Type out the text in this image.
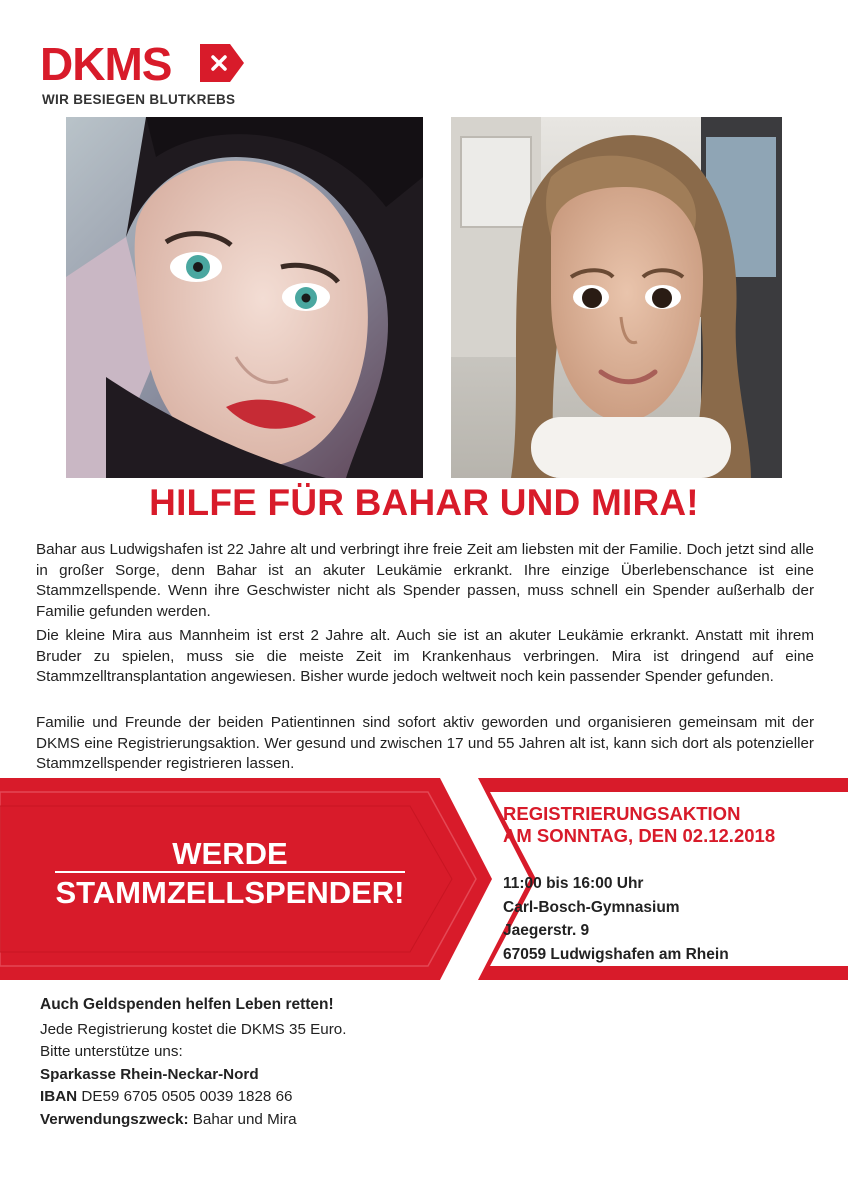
DKMS
WIR BESIEGEN BLUTKREBS
HILFE FÜR BAHAR UND MIRA!
Bahar aus Ludwigshafen ist 22 Jahre alt und verbringt ihre freie Zeit am liebsten mit der Familie. Doch jetzt sind alle in großer Sorge, denn Bahar ist an akuter Leukämie erkrankt. Ihre einzige Überlebenschance ist eine Stammzellspende. Wenn ihre Geschwister nicht als Spender passen, muss schnell ein Spender außerhalb der Familie gefunden werden.
Die kleine Mira aus Mannheim ist erst 2 Jahre alt. Auch sie ist an akuter Leukämie erkrankt. Anstatt mit ihrem Bruder zu spielen, muss sie die meiste Zeit im Krankenhaus verbringen. Mira ist dringend auf eine Stammzelltransplantation angewiesen. Bisher wurde jedoch weltweit noch kein passender Spender gefunden.
Familie und Freunde der beiden Patientinnen sind sofort aktiv geworden und organisieren gemeinsam mit der DKMS eine Registrierungsaktion. Wer gesund und zwischen 17 und 55 Jahren alt ist, kann sich dort als potenzieller Stammzellspender registrieren lassen.
WERDE
STAMMZELLSPENDER!
REGISTRIERUNGSAKTION
AM SONNTAG, DEN 02.12.2018
11:00 bis 16:00 Uhr
Carl-Bosch-Gymnasium
Jaegerstr. 9
67059 Ludwigshafen am Rhein
Auch Geldspenden helfen Leben retten!
Jede Registrierung kostet die DKMS 35 Euro.
Bitte unterstütze uns:
Sparkasse Rhein-Neckar-Nord
IBAN DE59 6705 0505 0039 1828 66
Verwendungszweck: Bahar und Mira
